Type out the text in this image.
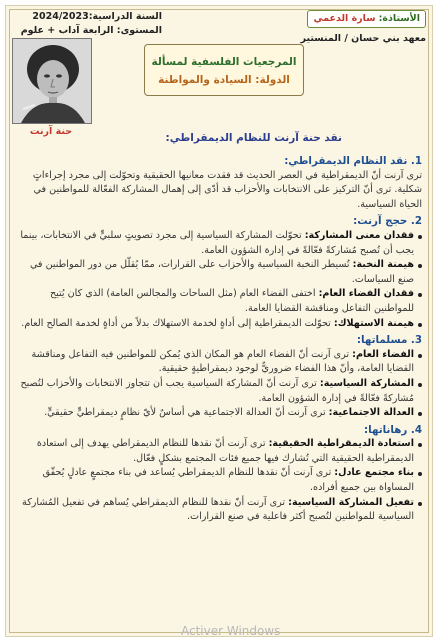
السنة الدراسية:2024/2023
المستوى: الرابعة آداب + علوم
الأستاذة: سارة الدعمي
معهد بني حسان / المنستير
المرجعيات الفلسفية لمسألة
الدولة: السيادة والمواطنة
حنة آرنت
نقد حنة آرنت للنظام الديمقراطي:
1. نقد النظام الديمقراطي:
ترى آرنت أنّ الديمقراطية في العصر الحديث قد فقدت معانيها الحقيقية وتحوّلت إلى مجرد إجراءاتٍ شكلية. ترى أنّ التركيز على الانتخابات والأحزاب قد أدّى إلى إهمال المشاركة الفعّالة للمواطنين في الحياة السياسية.
2. حجج آرنت:
فقدان معنى المشاركة: تحوّلت المشاركة السياسية إلى مجرد تصويتٍ سلبيٍّ في الانتخابات، بينما يجب أن تُصبح مُشاركةً فعّالةً في إدارة الشؤون العامة.
هيمنة النخبة: تُسيطر النخبة السياسية والأحزاب على القرارات، ممّا يُقلّل من دور المواطنين في صنع السياسات.
فقدان الفضاء العام: اختفى الفضاء العام (مثل الساحات والمجالس العامة) الذي كان يُتيح للمواطنين التفاعل ومناقشة القضايا العامة.
هيمنة الاستهلاك: تحوّلت الديمقراطية إلى أداةٍ لخدمة الاستهلاك بدلاً من أداةٍ لخدمة الصالح العام.
3. مسلماتها:
الفضاء العام: ترى آرنت أنّ الفضاء العام هو المكان الذي يُمكن للمواطنين فيه التفاعل ومناقشة القضايا العامة، وأنّ هذا الفضاء ضروريٌّ لوجود ديمقراطيةٍ حقيقية.
المشاركة السياسية: ترى آرنت أنّ المشاركة السياسية يجب أن تتجاوز الانتخابات والأحزاب لتُصبح مُشاركةً فعّالةً في إدارة الشؤون العامة.
العدالة الاجتماعية: ترى آرنت أنّ العدالة الاجتماعية هي أساسٌ لأيّ نظامٍ ديمقراطيٍّ حقيقيٍّ.
4. رهاناتها:
استعادة الديمقراطية الحقيقية: ترى آرنت أنّ نقدها للنظام الديمقراطي يهدف إلى استعادة الديمقراطية الحقيقية التي تُشارك فيها جميع فئات المجتمع بشكلٍ فعّال.
بناء مجتمع عادل: ترى آرنت أنّ نقدها للنظام الديمقراطي يُساعد في بناء مجتمعٍ عادلٍ يُحقّق المساواة بين جميع أفراده.
تفعيل المشاركة السياسية: ترى آرنت أنّ نقدها للنظام الديمقراطي يُساهم في تفعيل المُشاركة السياسية للمواطنين لتُصبح أكثر فاعلية في صنع القرارات.
Activer Windows
